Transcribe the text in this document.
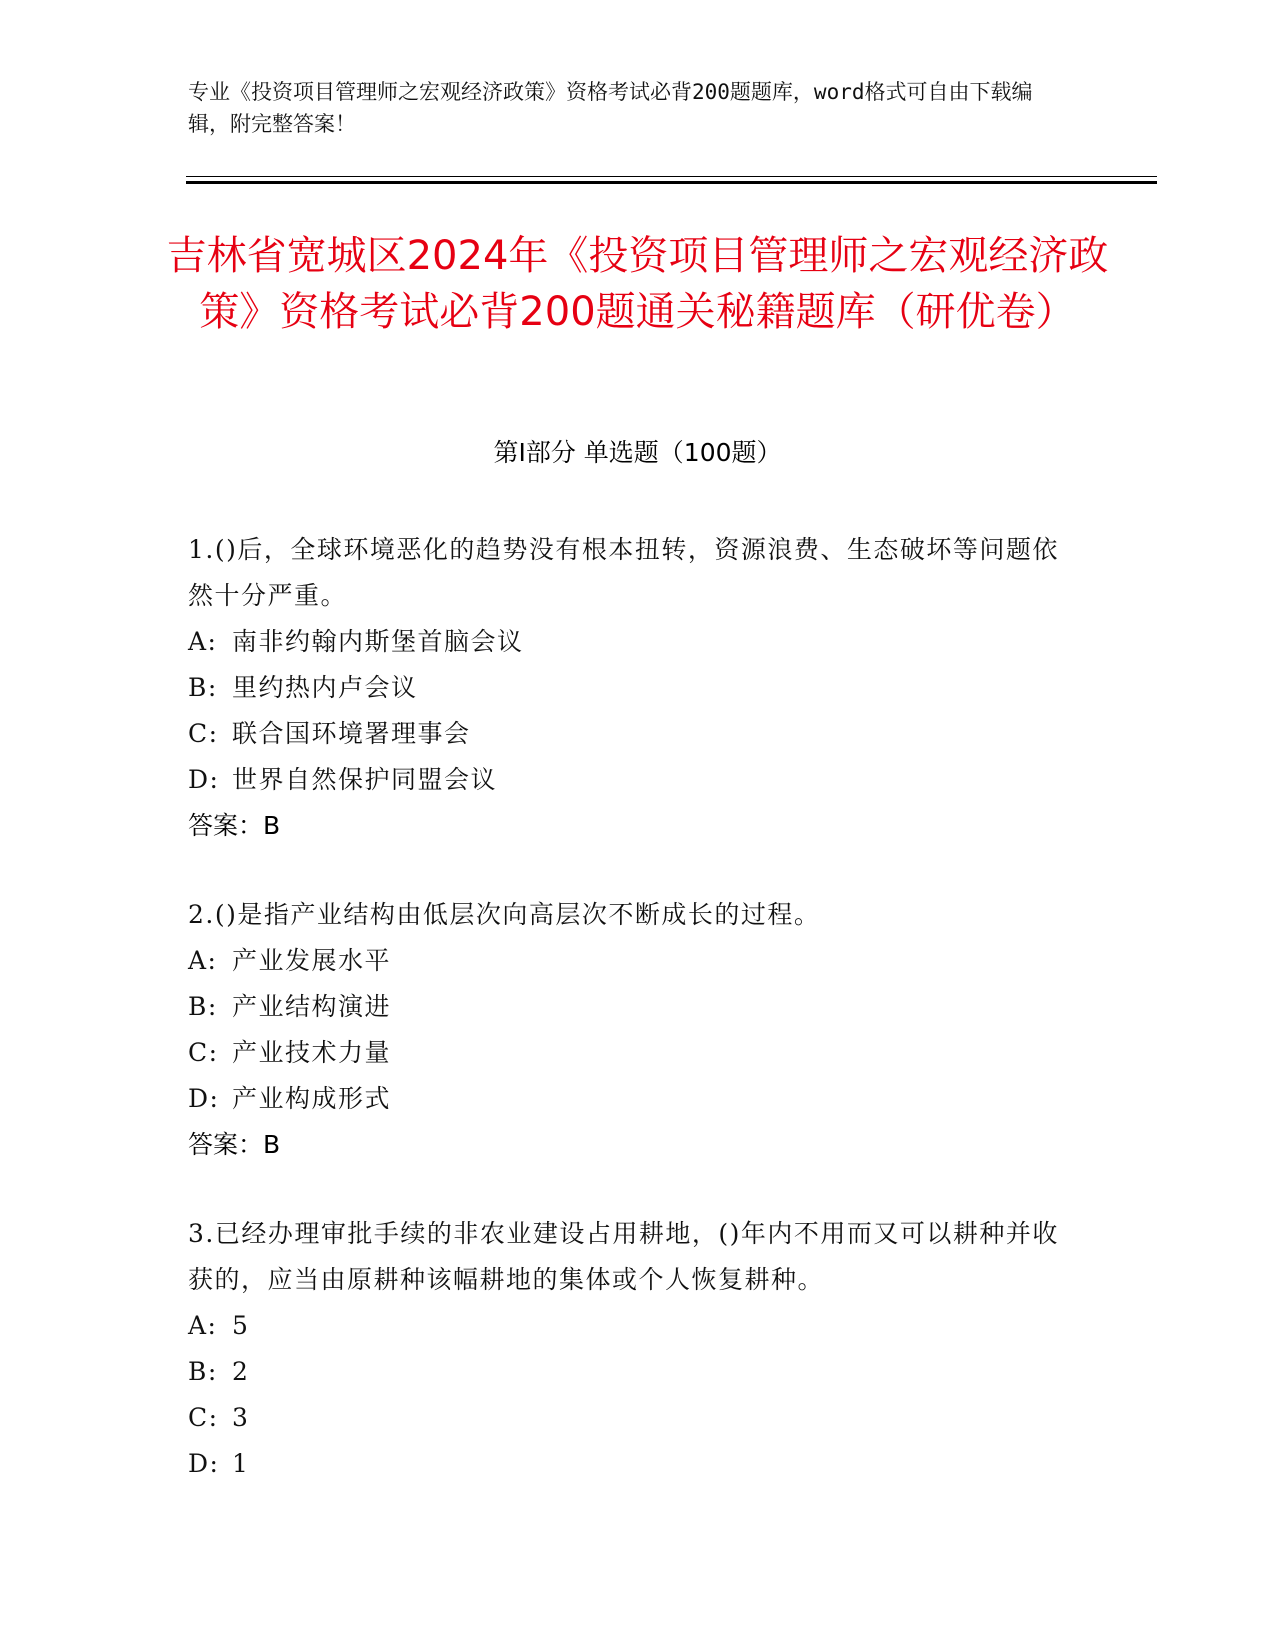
专业《投资项目管理师之宏观经济政策》资格考试必背200题题库，word格式可自由下载编辑，附完整答案！
吉林省宽城区2024年《投资项目管理师之宏观经济政策》资格考试必背200题通关秘籍题库（研优卷）
第Ⅰ部分 单选题（100题）
1.()后，全球环境恶化的趋势没有根本扭转，资源浪费、生态破坏等问题依然十分严重。
A: 南非约翰内斯堡首脑会议
B: 里约热内卢会议
C: 联合国环境署理事会
D: 世界自然保护同盟会议
答案：B
2.()是指产业结构由低层次向高层次不断成长的过程。
A: 产业发展水平
B: 产业结构演进
C: 产业技术力量
D: 产业构成形式
答案：B
3.已经办理审批手续的非农业建设占用耕地，()年内不用而又可以耕种并收获的，应当由原耕种该幅耕地的集体或个人恢复耕种。
A: 5
B: 2
C: 3
D: 1
